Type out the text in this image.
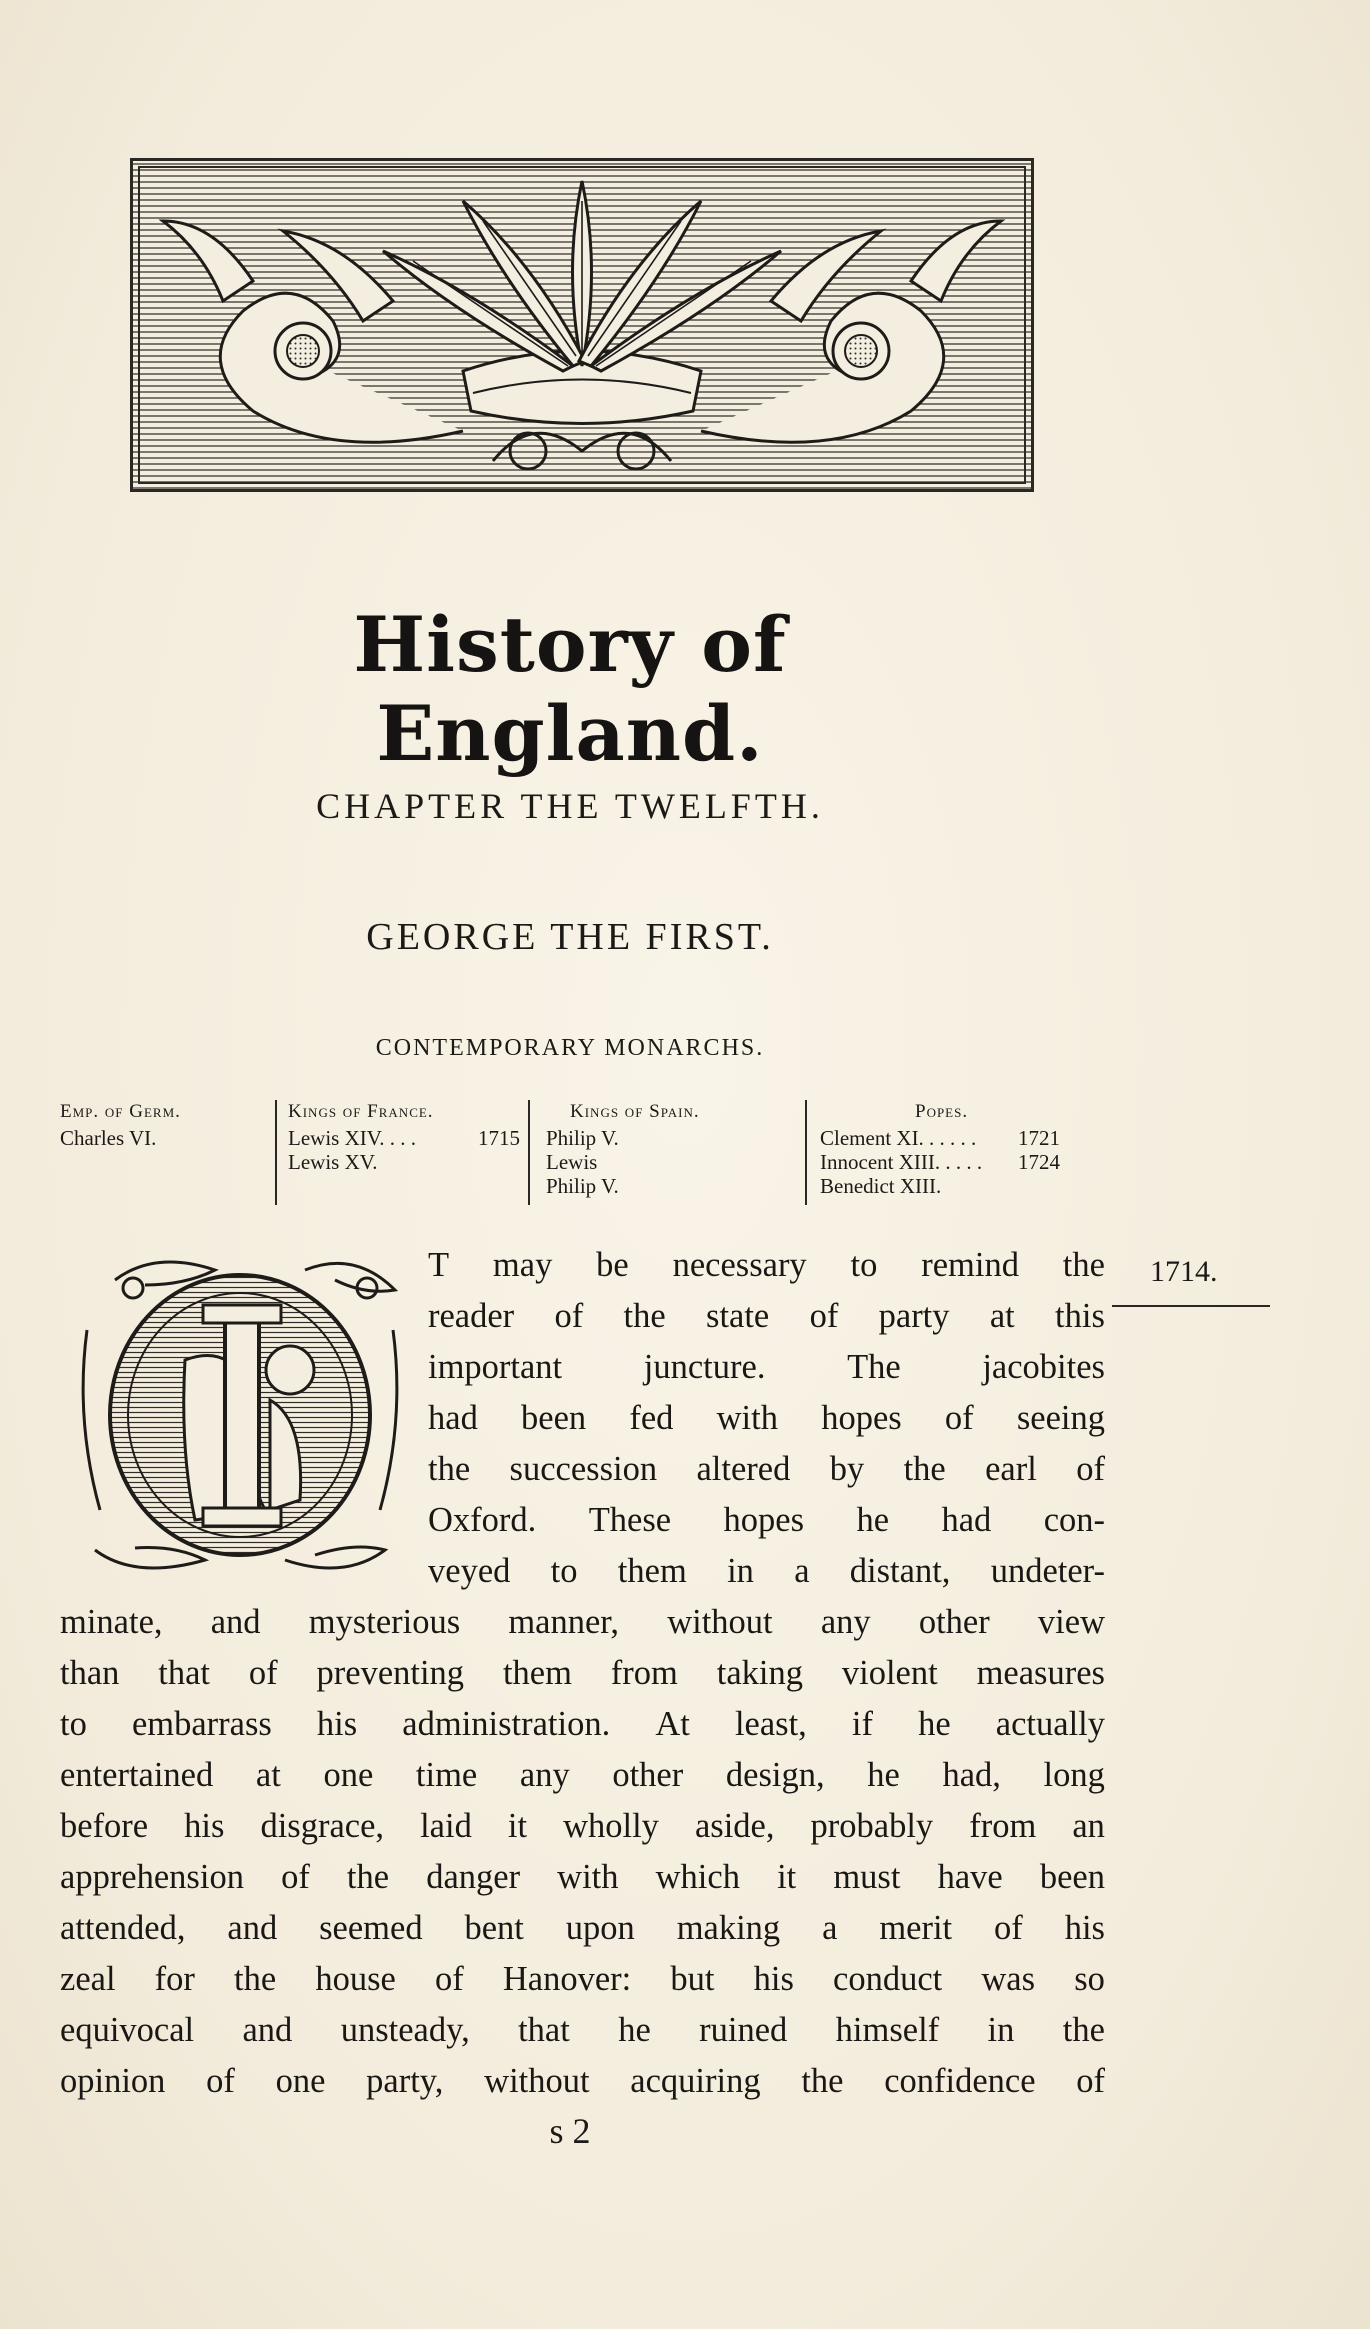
History of England.
CHAPTER THE TWELFTH.
GEORGE THE FIRST.
CONTEMPORARY MONARCHS.
Emp. of Germ.
Charles VI.
Kings of France.
Lewis XIV. . . .	1715
Lewis XV.
Kings of Spain.
Philip V.
Lewis
Philip V.
Popes.
Clement XI. . . . . . 1721
Innocent XIII. . . . . 1724
Benedict XIII.
1714.
T may be necessary to remind the
reader of the state of party at this
important juncture. The jacobites
had been fed with hopes of seeing
the succession altered by the earl of
Oxford. These hopes he had con-
veyed to them in a distant, undeter-
minate, and mysterious manner, without any other view
than that of preventing them from taking violent measures
to embarrass his administration. At least, if he actually
entertained at one time any other design, he had, long
before his disgrace, laid it wholly aside, probably from an
apprehension of the danger with which it must have been
attended, and seemed bent upon making a merit of his
zeal for the house of Hanover: but his conduct was so
equivocal and unsteady, that he ruined himself in the
opinion of one party, without acquiring the confidence of
s 2
